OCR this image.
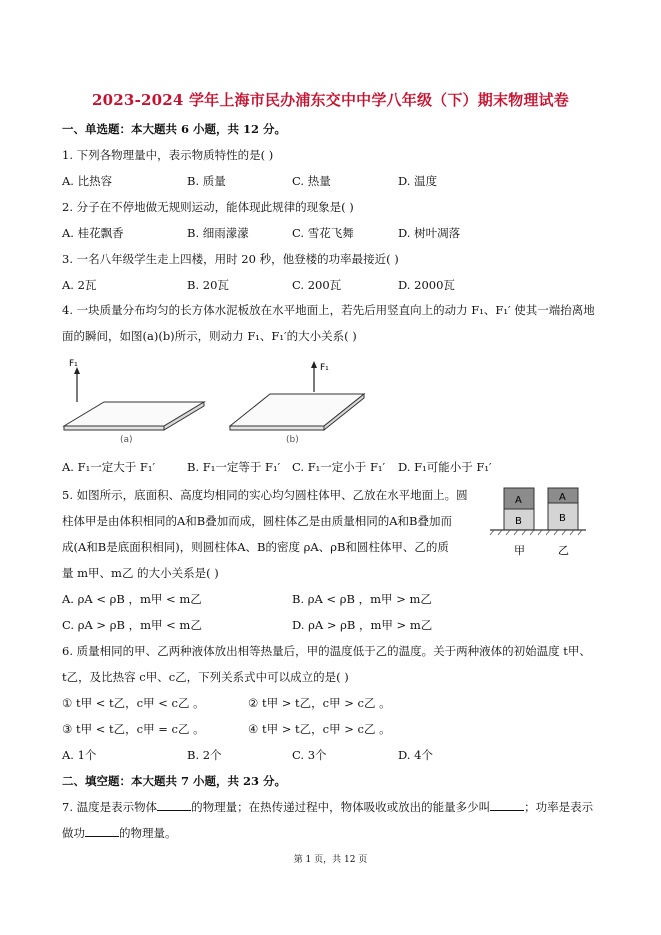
2023-2024 学年上海市民办浦东交中中学八年级（下）期末物理试卷
一、单选题：本大题共 6 小题，共 12 分。
1. 下列各物理量中，表示物质特性的是( )
A. 比热容	B. 质量	C. 热量	D. 温度
2. 分子在不停地做无规则运动，能体现此规律的现象是( )
A. 桂花飘香	B. 细雨濛濛	C. 雪花飞舞	D. 树叶凋落
3. 一名八年级学生走上四楼，用时 20 秒，他登楼的功率最接近( )
A. 2瓦	B. 20瓦	C. 200瓦	D. 2000瓦
4. 一块质量分布均匀的长方体水泥板放在水平地面上，若先后用竖直向上的动力 F₁、F₁′ 使其一端抬离地
面的瞬间，如图(a)(b)所示，则动力 F₁、F₁′的大小关系( )
F₁
(a)
F₁
(b)
A. F₁一定大于 F₁′	B. F₁一定等于 F₁′ C. F₁一定小于 F₁′ D. F₁可能小于 F₁′
5. 如图所示，底面积、高度均相同的实心均匀圆柱体甲、乙放在水平地面上。圆
柱体甲是由体积相同的A和B叠加而成，圆柱体乙是由质量相同的A和B叠加而
成(A和B是底面积相同)，则圆柱体A、B的密度 ρA、ρB和圆柱体甲、乙的质
量 m甲、m乙 的大小关系是( )
A
B
A
B
甲	乙
A. ρA < ρB ，m甲 < m乙	B. ρA < ρB ，m甲 > m乙
C. ρA > ρB ，m甲 < m乙	D. ρA > ρB ，m甲 > m乙
6. 质量相同的甲、乙两种液体放出相等热量后，甲的温度低于乙的温度。关于两种液体的初始温度 t甲、
t乙，及比热容 c甲、c乙，下列关系式中可以成立的是( )
① t甲 < t乙，c甲 < c乙 。	② t甲 > t乙，c甲 > c乙 。
③ t甲 < t乙，c甲 = c乙 。	④ t甲 > t乙，c甲 > c乙 。
A. 1个	B. 2个	C. 3个	D. 4个
二、填空题：本大题共 7 小题，共 23 分。
7. 温度是表示物体	的物理量；在热传递过程中，物体吸收或放出的能量多少叫	；功率是表示
做功	的物理量。
第 1 页，共 12 页
